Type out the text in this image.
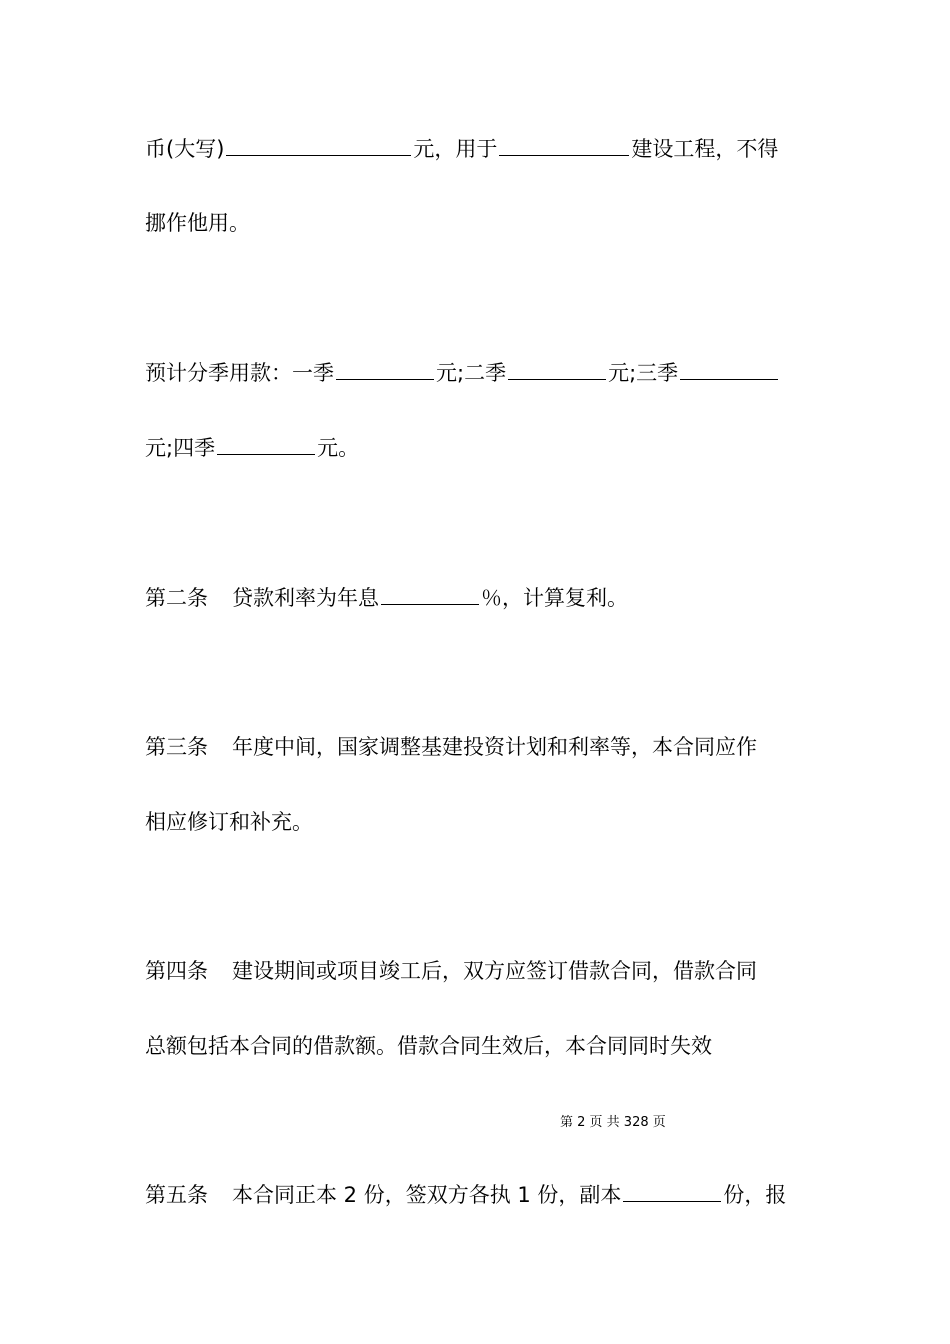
币(大写)	元，用于	建设工程，不得
挪作他用。
预计分季用款：一季	元;二季	元;三季
元;四季	元。
第二条 贷款利率为年息	％，计算复利。
第三条 年度中间，国家调整基建投资计划和利率等，本合同应作
相应修订和补充。
第四条 建设期间或项目竣工后，双方应签订借款合同，借款合同
总额包括本合同的借款额。借款合同生效后，本合同同时失效
第 2 页 共 328 页
第五条 本合同正本 2 份，签双方各执 1 份，副本	份，报
